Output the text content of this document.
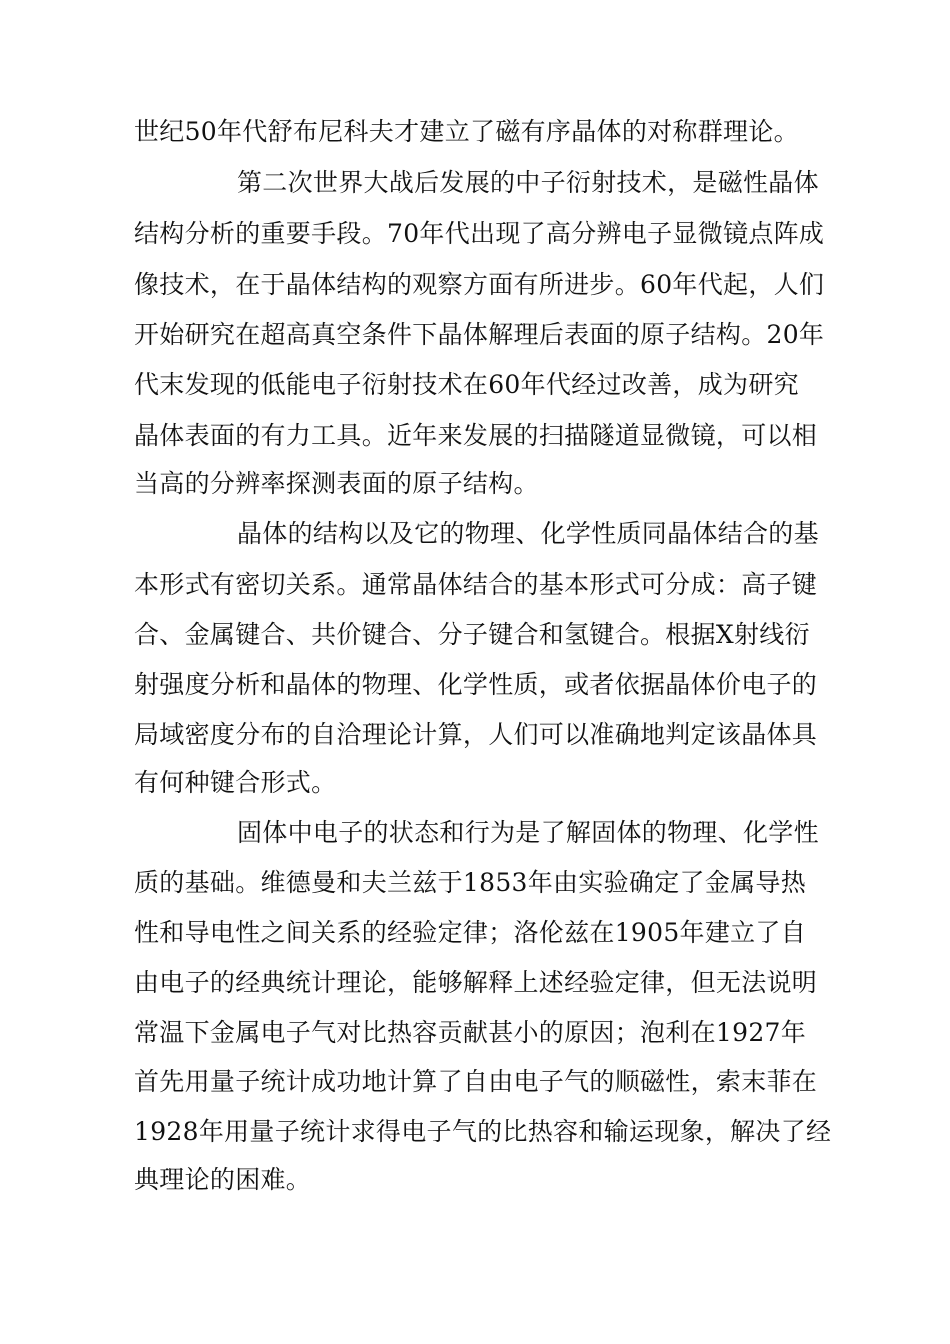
世纪50年代舒布尼科夫才建立了磁有序晶体的对称群理论。
第二次世界大战后发展的中子衍射技术，是磁性晶体
结构分析的重要手段。70年代出现了高分辨电子显微镜点阵成
像技术，在于晶体结构的观察方面有所进步。60年代起，人们
开始研究在超高真空条件下晶体解理后表面的原子结构。20年
代末发现的低能电子衍射技术在60年代经过改善，成为研究
晶体表面的有力工具。近年来发展的扫描隧道显微镜，可以相
当高的分辨率探测表面的原子结构。
晶体的结构以及它的物理、化学性质同晶体结合的基
本形式有密切关系。通常晶体结合的基本形式可分成：高子键
合、金属键合、共价键合、分子键合和氢键合。根据X射线衍
射强度分析和晶体的物理、化学性质，或者依据晶体价电子的
局域密度分布的自洽理论计算，人们可以准确地判定该晶体具
有何种键合形式。
固体中电子的状态和行为是了解固体的物理、化学性
质的基础。维德曼和夫兰兹于1853年由实验确定了金属导热
性和导电性之间关系的经验定律；洛伦兹在1905年建立了自
由电子的经典统计理论，能够解释上述经验定律，但无法说明
常温下金属电子气对比热容贡献甚小的原因；泡利在1927年
首先用量子统计成功地计算了自由电子气的顺磁性，索末菲在
1928年用量子统计求得电子气的比热容和输运现象，解决了经
典理论的困难。
